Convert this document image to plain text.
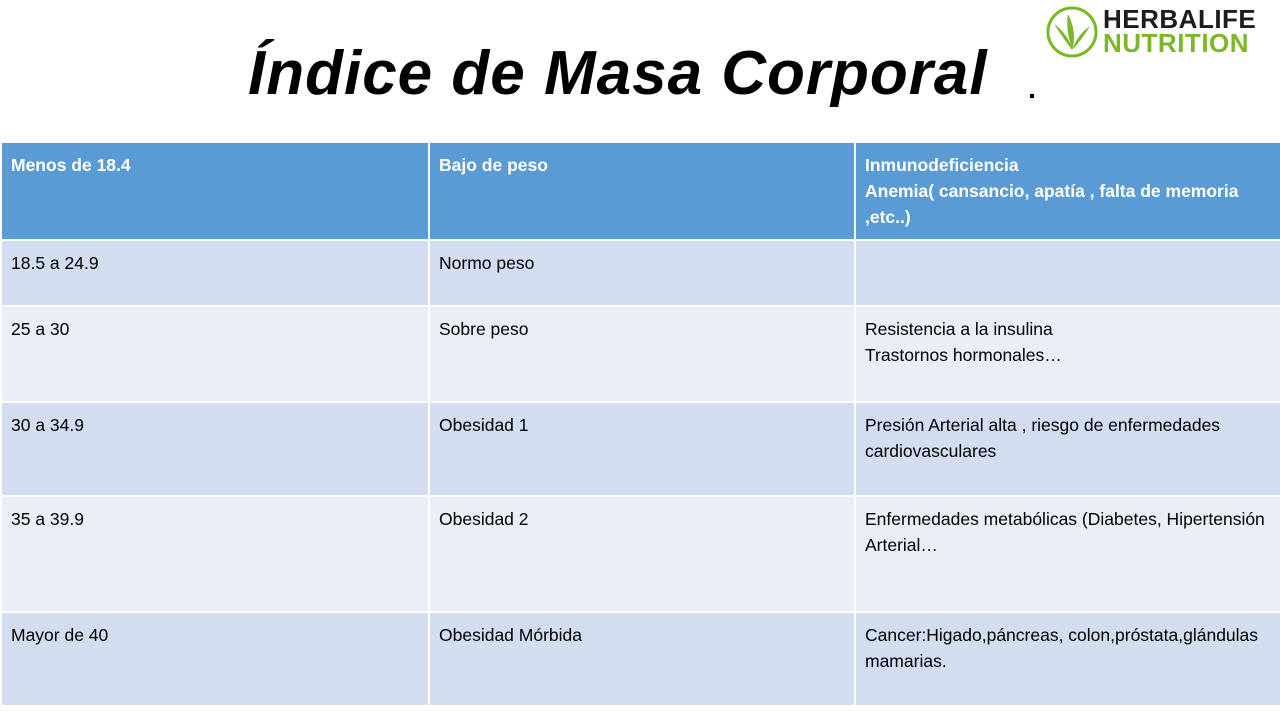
Índice de Masa Corporal
HERBALIFE
NUTRITION
Menos de 18.4	Bajo de peso	Inmunodeficiencia
Anemia( cansancio, apatía , falta de memoria ,etc..)

18.5 a 24.9	Normo peso	
25 a 30	Sobre peso	Resistencia a la insulina
Trastornos hormonales…

30 a 34.9	Obesidad 1	Presión Arterial alta , riesgo de enfermedades cardiovasculares
35 a 39.9	Obesidad 2	Enfermedades metabólicas (Diabetes, Hipertensión Arterial…
Mayor de 40	Obesidad Mórbida	Cancer:Higado,páncreas, colon,próstata,glándulas mamarias.
